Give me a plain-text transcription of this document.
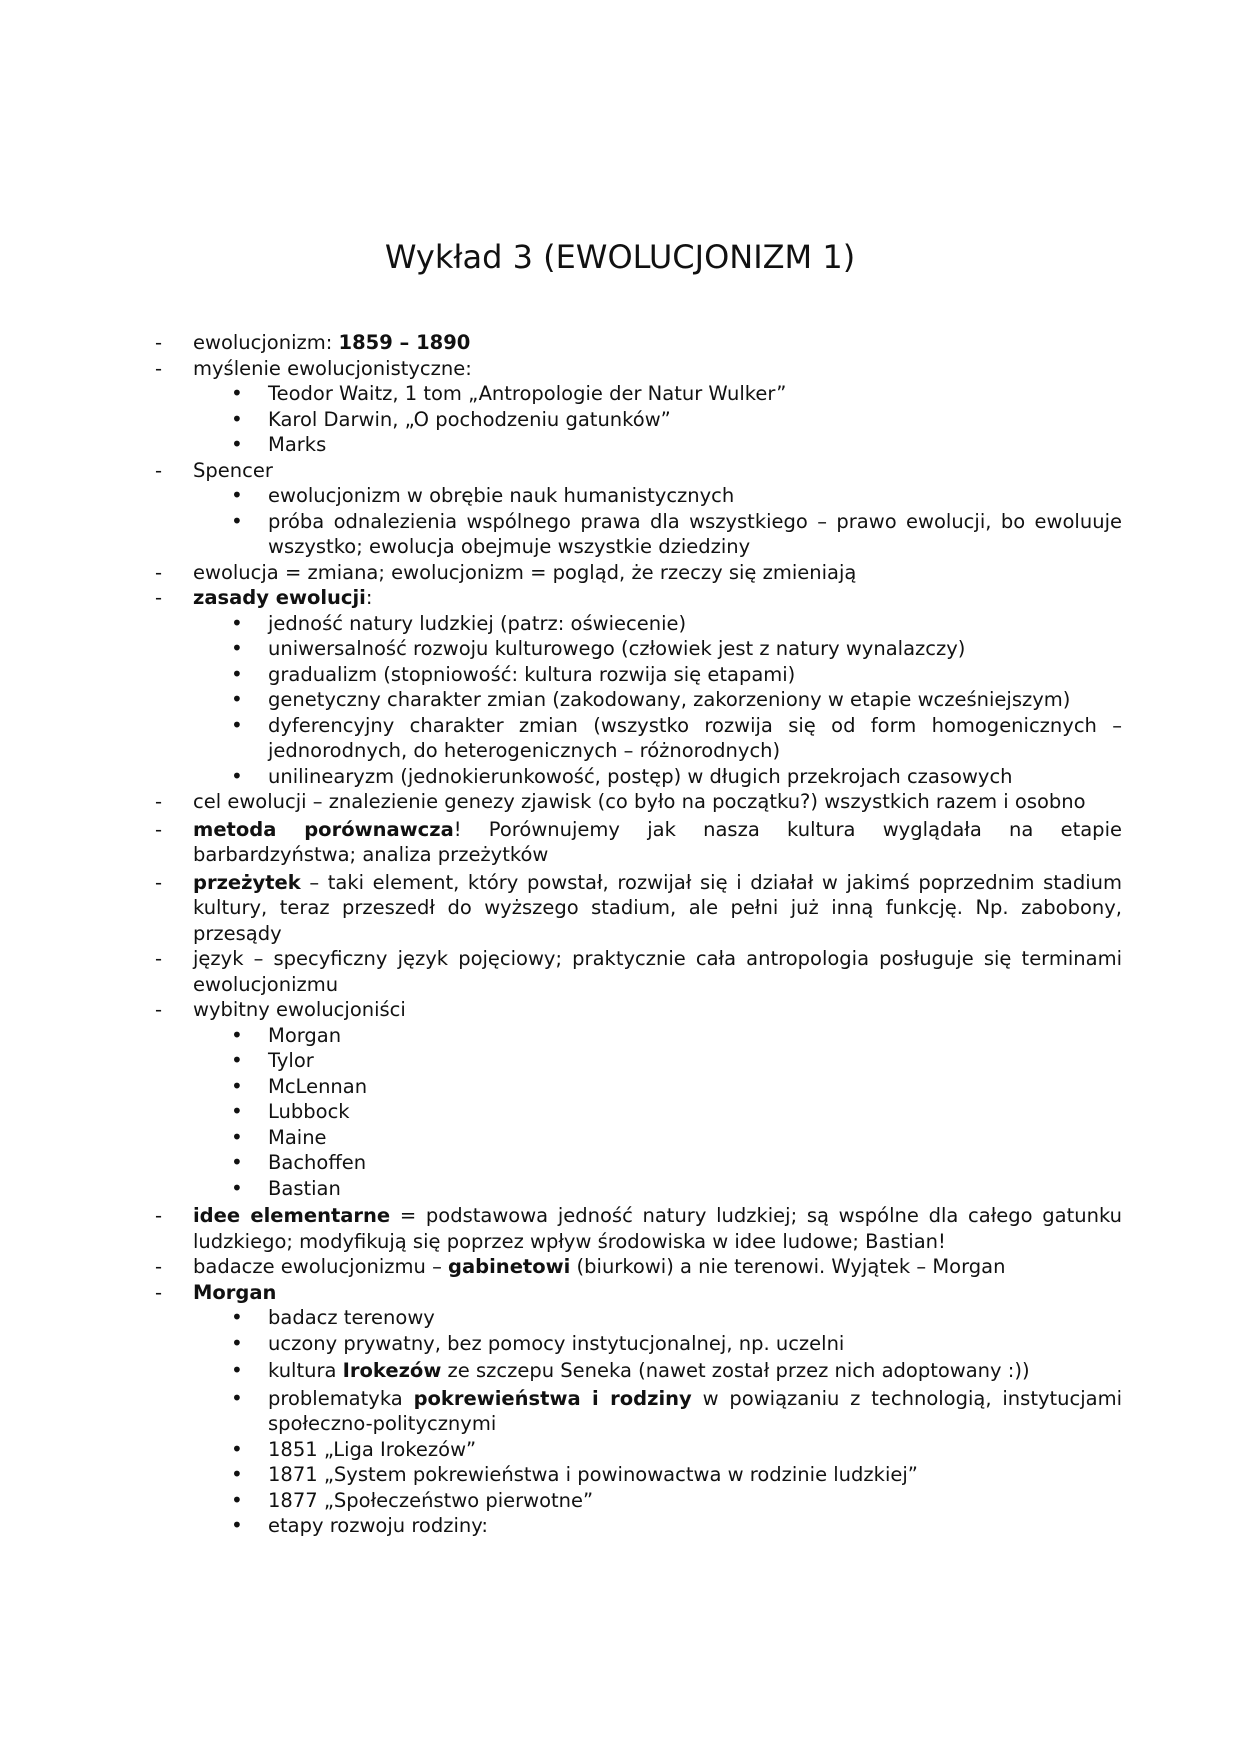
Wykład 3 (EWOLUCJONIZM 1)
- ewolucjonizm: 1859 – 1890
- myślenie ewolucjonistyczne:
• Teodor Waitz, 1 tom „Antropologie der Natur Wulker”
• Karol Darwin, „O pochodzeniu gatunków”
• Marks
- Spencer
• ewolucjonizm w obrębie nauk humanistycznych
• próba odnalezienia wspólnego prawa dla wszystkiego – prawo ewolucji, bo ewoluuje wszystko; ewolucja obejmuje wszystkie dziedziny
- ewolucja = zmiana; ewolucjonizm = pogląd, że rzeczy się zmieniają
- zasady ewolucji:
• jedność natury ludzkiej (patrz: oświecenie)
• uniwersalność rozwoju kulturowego (człowiek jest z natury wynalazczy)
• gradualizm (stopniowość: kultura rozwija się etapami)
• genetyczny charakter zmian (zakodowany, zakorzeniony w etapie wcześniejszym)
• dyferencyjny charakter zmian (wszystko rozwija się od form homogenicznych – jednorodnych, do heterogenicznych – różnorodnych)
• unilinearyzm (jednokierunkowość, postęp) w długich przekrojach czasowych
- cel ewolucji – znalezienie genezy zjawisk (co było na początku?) wszystkich razem i osobno
- metoda porównawcza! Porównujemy jak nasza kultura wyglądała na etapie barbardzyństwa; analiza przeżytków
- przeżytek – taki element, który powstał, rozwijał się i działał w jakimś poprzednim stadium kultury, teraz przeszedł do wyższego stadium, ale pełni już inną funkcję. Np. zabobony, przesądy
- język – specyficzny język pojęciowy; praktycznie cała antropologia posługuje się terminami ewolucjonizmu
- wybitny ewolucjoniści
• Morgan
• Tylor
• McLennan
• Lubbock
• Maine
• Bachoffen
• Bastian
- idee elementarne = podstawowa jedność natury ludzkiej; są wspólne dla całego gatunku ludzkiego; modyfikują się poprzez wpływ środowiska w idee ludowe; Bastian!
- badacze ewolucjonizmu – gabinetowi (biurkowi) a nie terenowi. Wyjątek – Morgan
- Morgan
• badacz terenowy
• uczony prywatny, bez pomocy instytucjonalnej, np. uczelni
• kultura Irokezów ze szczepu Seneka (nawet został przez nich adoptowany :))
• problematyka pokrewieństwa i rodziny w powiązaniu z technologią, instytucjami społeczno-politycznymi
• 1851 „Liga Irokezów”
• 1871 „System pokrewieństwa i powinowactwa w rodzinie ludzkiej”
• 1877 „Społeczeństwo pierwotne”
• etapy rozwoju rodziny:
